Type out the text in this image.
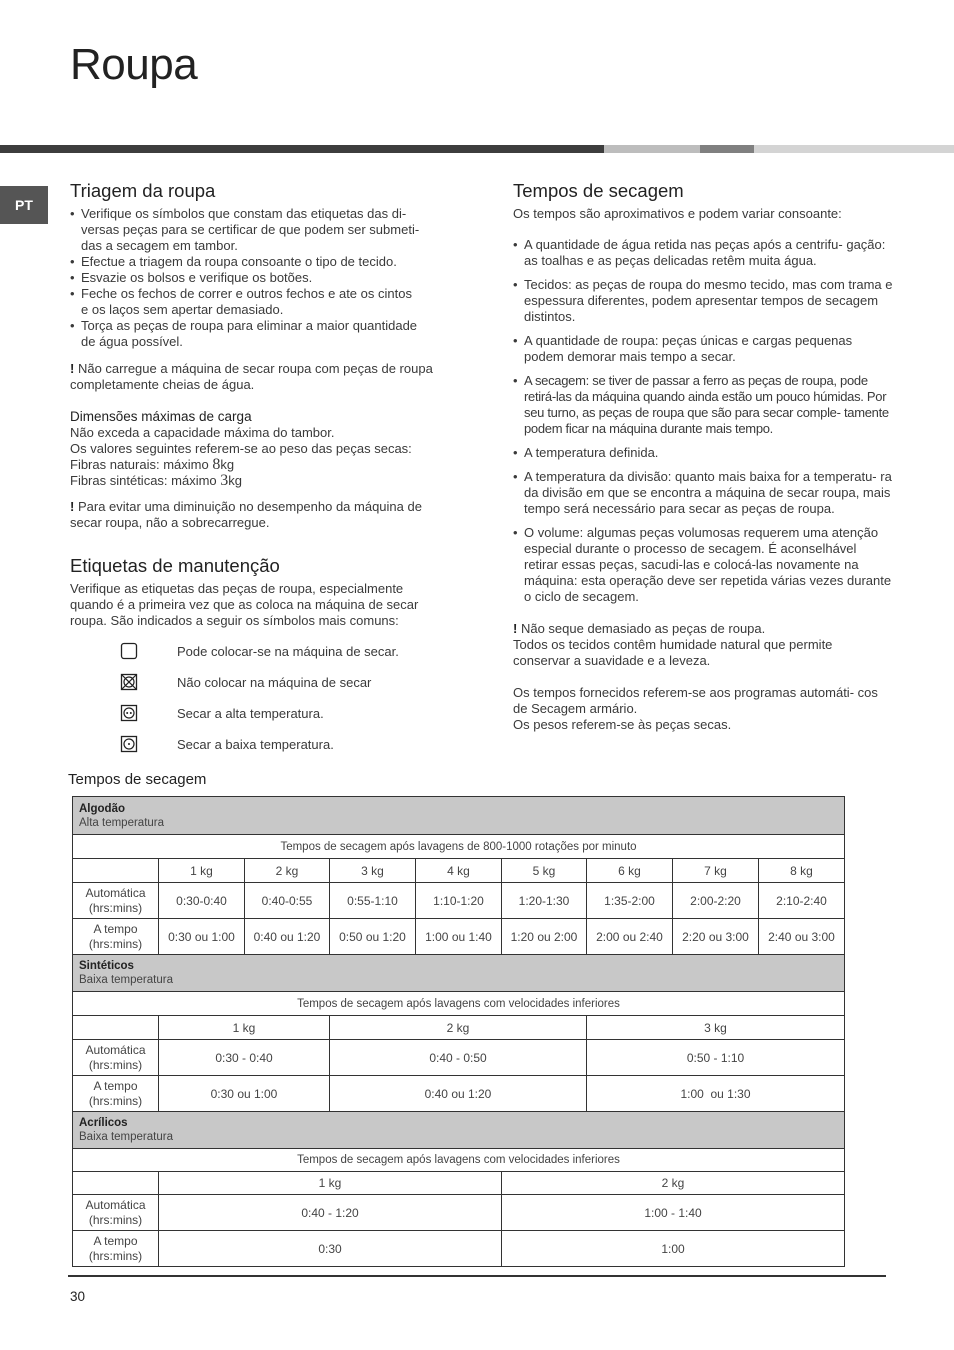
Roupa
PT
Triagem da roupa
• Verifique os símbolos que constam das etiquetas das di-
versas peças para se certificar de que podem ser submeti-
das a secagem em tambor.
• Efectue a triagem da roupa consoante o tipo de tecido.
• Esvazie os bolsos e verifique os botões.
• Feche os fechos de correr e outros fechos e ate os cintos
e os laços sem apertar demasiado.
• Torça as peças de roupa para eliminar a maior quantidade
de água possível.

! Não carregue a máquina de secar roupa com peças de roupa completamente cheias de água.

Dimensões máximas de carga

Não exceda a capacidade máxima do tambor.

Os valores seguintes referem-se ao peso das peças secas:

Fibras naturais: máximo 8kg

Fibras sintéticas: máximo 3kg

! Para evitar uma diminuição no desempenho da máquina de secar roupa, não a sobrecarregue.

Etiquetas de manutenção

Verifique as etiquetas das peças de roupa, especialmente quando é a primeira vez que as coloca na máquina de secar roupa. São indicados a seguir os símbolos mais comuns:

Pode colocar-se na máquina de secar.
Não colocar na máquina de secar
Secar a alta temperatura.
Secar a baixa temperatura.
Tempos de secagem

Os tempos são aproximativos e podem variar consoante:

• A quantidade de água retida nas peças após a centrifu- gação: as toalhas e as peças delicadas retêm muita água.
• Tecidos: as peças de roupa do mesmo tecido, mas com trama e espessura diferentes, podem apresentar tempos de secagem distintos.
• A quantidade de roupa: peças únicas e cargas pequenas podem demorar mais tempo a secar.
• A secagem: se tiver de passar a ferro as peças de roupa, pode retirá-las da máquina quando ainda estão um pouco húmidas. Por seu turno, as peças de roupa que são para secar comple- tamente podem ficar na máquina durante mais tempo.
• A temperatura definida.
• A temperatura da divisão: quanto mais baixa for a temperatu- ra da divisão em que se encontra a máquina de secar roupa, mais tempo será necessário para secar as peças de roupa.
• O volume: algumas peças volumosas requerem uma atenção especial durante o processo de secagem. É aconselhável retirar essas peças, sacudi-las e colocá-las novamente na máquina: esta operação deve ser repetida várias vezes durante o ciclo de secagem.

! Não seque demasiado as peças de roupa.

Todos os tecidos contêm humidade natural que permite conservar a suavidade e a leveza.

Os tempos fornecidos referem-se aos programas automáti- cos de Secagem armário.

Os pesos referem-se às peças secas.

Tempos de secagem
Algodão
Alta temperatura								
Tempos de secagem após lavagens de 800-1000 rotações por minuto								
	1 kg	2 kg	3 kg	4 kg	5 kg	6 kg	7 kg	8 kg
Automática
(hrs:mins)	0:30-0:40	0:40-0:55	0:55-1:10	1:10-1:20	1:20-1:30	1:35-2:00	2:00-2:20	2:10-2:40
A tempo
(hrs:mins)	0:30 ou 1:00	0:40 ou 1:20	0:50 ou 1:20	1:00 ou 1:40	1:20 ou 2:00	2:00 ou 2:40	2:20 ou 3:00	2:40 ou 3:00
Sintéticos
Baixa temperatura								
Tempos de secagem após lavagens com velocidades inferiores								
	1 kg		2 kg			3 kg		
Automática
(hrs:mins)	0:30 - 0:40		0:40 - 0:50			0:50 - 1:10		
A tempo
(hrs:mins)	0:30 ou 1:00		0:40 ou 1:20			1:00  ou 1:30		
Acrílicos
Baixa temperatura								
Tempos de secagem após lavagens com velocidades inferiores								
	1 kg				2 kg			
Automática
(hrs:mins)	0:40 - 1:20				1:00 - 1:40			
A tempo
(hrs:mins)	0:30				1:00			
30
